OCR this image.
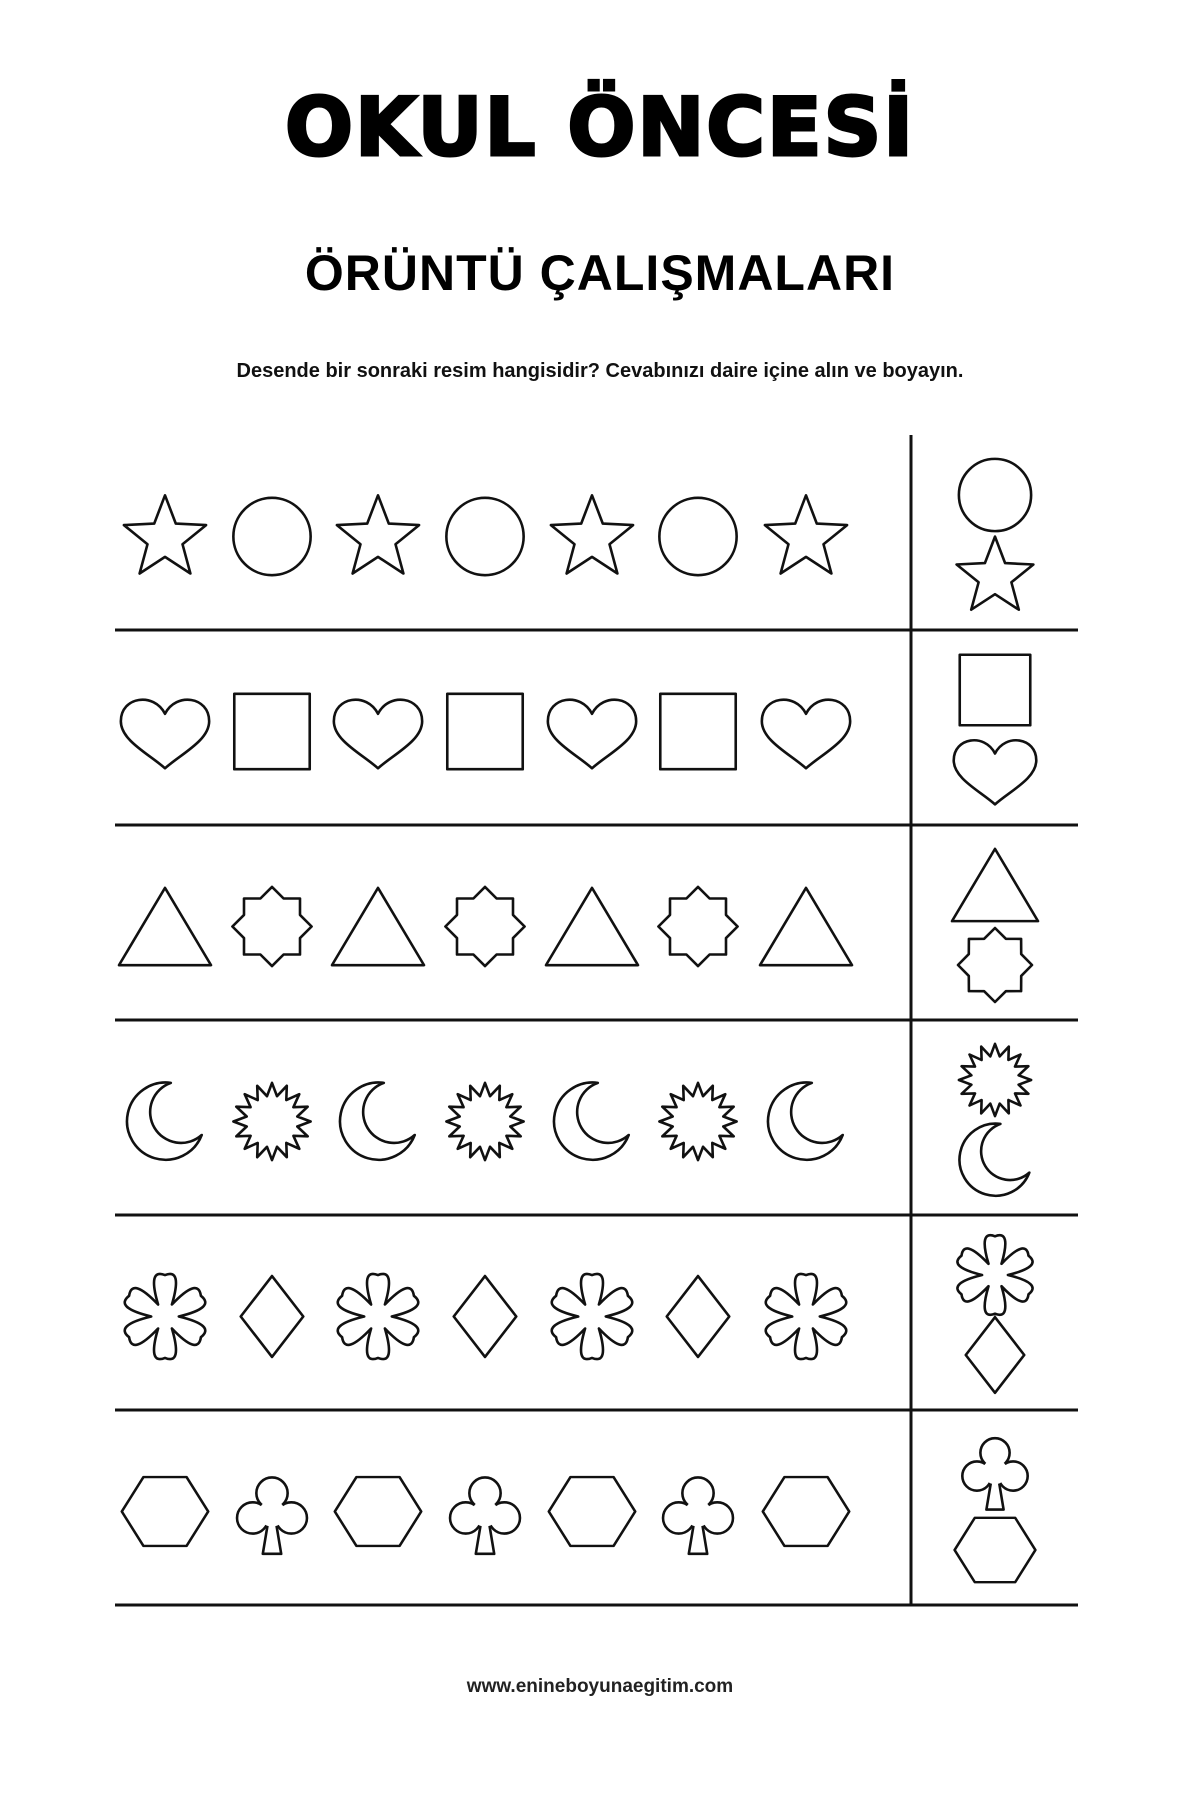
OKUL ÖNCESİ
ÖRÜNTÜ ÇALIŞMALARI
Desende bir sonraki resim hangisidir? Cevabınızı daire içine alın ve boyayın.
www.enineboyunaegitim.com
